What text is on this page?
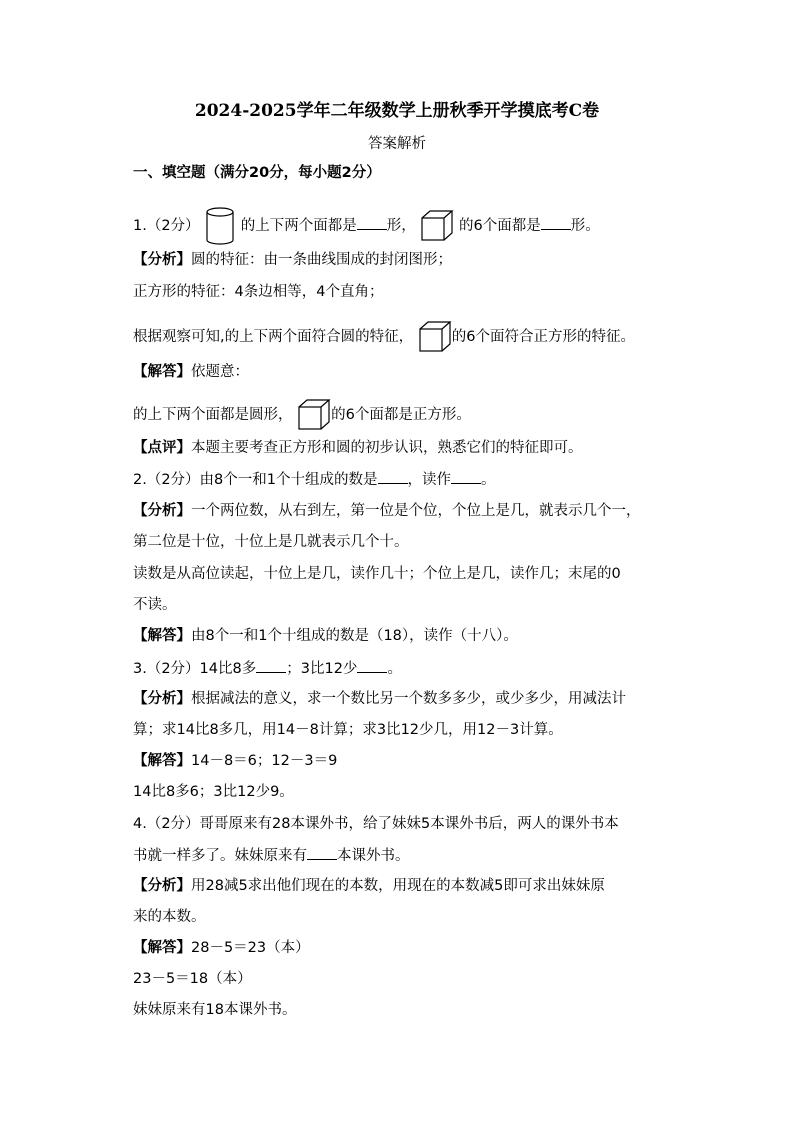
2024-2025学年二年级数学上册秋季开学摸底考C卷
答案解析
一、填空题（满分20分，每小题2分）
1.（2分）	的上下两个面都是 形，	的6个面都是 形。
【分析】圆的特征：由一条曲线围成的封闭图形；
正方形的特征：4条边相等，4个直角；
根据观察可知,的上下两个面符合圆的特征，	的6个面符合正方形的特征。
【解答】依题意：
的上下两个面都是圆形，	的6个面都是正方形。
【点评】本题主要考查正方形和圆的初步认识，熟悉它们的特征即可。
2.（2分）由8个一和1个十组成的数是 ，读作 。
【分析】一个两位数，从右到左，第一位是个位，个位上是几，就表示几个一，
第二位是十位，十位上是几就表示几个十。
读数是从高位读起，十位上是几，读作几十；个位上是几，读作几；末尾的0
不读。
【解答】由8个一和1个十组成的数是（18），读作（十八）。
3.（2分）14比8多 ；3比12少 。
【分析】根据减法的意义，求一个数比另一个数多多少，或少多少，用减法计
算；求14比8多几，用14－8计算；求3比12少几，用12－3计算。
【解答】14－8＝6；12－3＝9
14比8多6；3比12少9。
4.（2分）哥哥原来有28本课外书，给了妹妹5本课外书后，两人的课外书本
书就一样多了。妹妹原来有 本课外书。
【分析】用28减5求出他们现在的本数，用现在的本数减5即可求出妹妹原
来的本数。
【解答】28－5＝23（本）
23－5＝18（本）
妹妹原来有18本课外书。
